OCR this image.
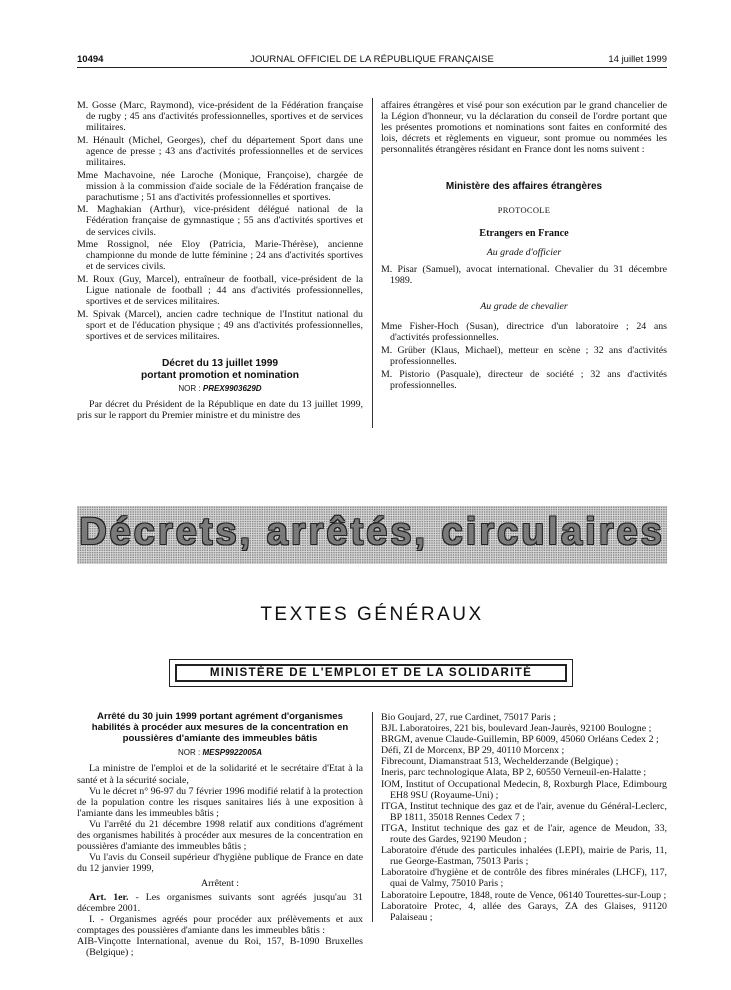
10494	JOURNAL OFFICIEL DE LA RÉPUBLIQUE FRANÇAISE	14 juillet 1999

M. Gosse (Marc, Raymond), vice-président de la Fédération française de rugby ; 45 ans d'activités professionnelles, sportives et de services militaires.

M. Hénault (Michel, Georges), chef du département Sport dans une agence de presse ; 43 ans d'activités professionnelles et de services militaires.

Mme Machavoine, née Laroche (Monique, Françoise), chargée de mission à la commission d'aide sociale de la Fédération française de parachutisme ; 51 ans d'activités professionnelles et sportives.

M. Maghakian (Arthur), vice-président délégué national de la Fédération française de gymnastique ; 55 ans d'activités sportives et de services civils.

Mme Rossignol, née Eloy (Patricia, Marie-Thérèse), ancienne championne du monde de lutte féminine ; 24 ans d'activités sportives et de services civils.

M. Roux (Guy, Marcel), entraîneur de football, vice-président de la Ligue nationale de football ; 44 ans d'activités professionnelles, sportives et de services militaires.

M. Spivak (Marcel), ancien cadre technique de l'Institut national du sport et de l'éducation physique ; 49 ans d'activités professionnelles, sportives et de services militaires.

Décret du 13 juillet 1999
portant promotion et nomination
NOR : PREX9903629D

Par décret du Président de la République en date du 13 juillet 1999, pris sur le rapport du Premier ministre et du ministre des

affaires étrangères et visé pour son exécution par le grand chancelier de la Légion d'honneur, vu la déclaration du conseil de l'ordre portant que les présentes promotions et nominations sont faites en conformité des lois, décrets et règlements en vigueur, sont promue ou nommées les personnalités étrangères résidant en France dont les noms suivent :

Ministère des affaires étrangères
PROTOCOLE
Etrangers en France
Au grade d'officier

M. Pisar (Samuel), avocat international. Chevalier du 31 décembre 1989.

Au grade de chevalier

Mme Fisher-Hoch (Susan), directrice d'un laboratoire ; 24 ans d'activités professionnelles.

M. Grüber (Klaus, Michael), metteur en scène ; 32 ans d'activités professionnelles.

M. Pistorio (Pasquale), directeur de société ; 32 ans d'activités professionnelles.

Décrets, arrêtés, circulaires
TEXTES GÉNÉRAUX
MINISTÈRE DE L'EMPLOI ET DE LA SOLIDARITÉ
Arrêté du 30 juin 1999 portant agrément d'organismes habilités à procéder aux mesures de la concentration en poussières d'amiante des immeubles bâtis
NOR : MESP9922005A

La ministre de l'emploi et de la solidarité et le secrétaire d'Etat à la santé et à la sécurité sociale,

Vu le décret n° 96-97 du 7 février 1996 modifié relatif à la protection de la population contre les risques sanitaires liés à une exposition à l'amiante dans les immeubles bâtis ;

Vu l'arrêté du 21 décembre 1998 relatif aux conditions d'agrément des organismes habilités à procéder aux mesures de la concentration en poussières d'amiante des immeubles bâtis ;

Vu l'avis du Conseil supérieur d'hygiène publique de France en date du 12 janvier 1999,

Arrêtent :

Art. 1er. - Les organismes suivants sont agréés jusqu'au 31 décembre 2001.

I. - Organismes agréés pour procéder aux prélèvements et aux comptages des poussières d'amiante dans les immeubles bâtis :

AIB-Vinçotte International, avenue du Roi, 157, B-1090 Bruxelles (Belgique) ;

Bio Goujard, 27, rue Cardinet, 75017 Paris ;

BJL Laboratoires, 221 bis, boulevard Jean-Jaurès, 92100 Boulogne ;

BRGM, avenue Claude-Guillemin, BP 6009, 45060 Orléans Cedex 2 ;

Défi, ZI de Morcenx, BP 29, 40110 Morcenx ;

Fibrecount, Diamanstraat 513, Wechelderzande (Belgique) ;

Ineris, parc technologique Alata, BP 2, 60550 Verneuil-en-Halatte ;

IOM, Institut of Occupational Medecin, 8, Roxburgh Place, Edimbourg EH8 9SU (Royaume-Uni) ;

ITGA, Institut technique des gaz et de l'air, avenue du Général-Leclerc, BP 1811, 35018 Rennes Cedex 7 ;

ITGA, Institut technique des gaz et de l'air, agence de Meudon, 33, route des Gardes, 92190 Meudon ;

Laboratoire d'étude des particules inhalées (LEPI), mairie de Paris, 11, rue George-Eastman, 75013 Paris ;

Laboratoire d'hygiène et de contrôle des fibres minérales (LHCF), 117, quai de Valmy, 75010 Paris ;

Laboratoire Lepoutre, 1848, route de Vence, 06140 Tourettes-sur-Loup ;

Laboratoire Protec, 4, allée des Garays, ZA des Glaises, 91120 Palaiseau ;
